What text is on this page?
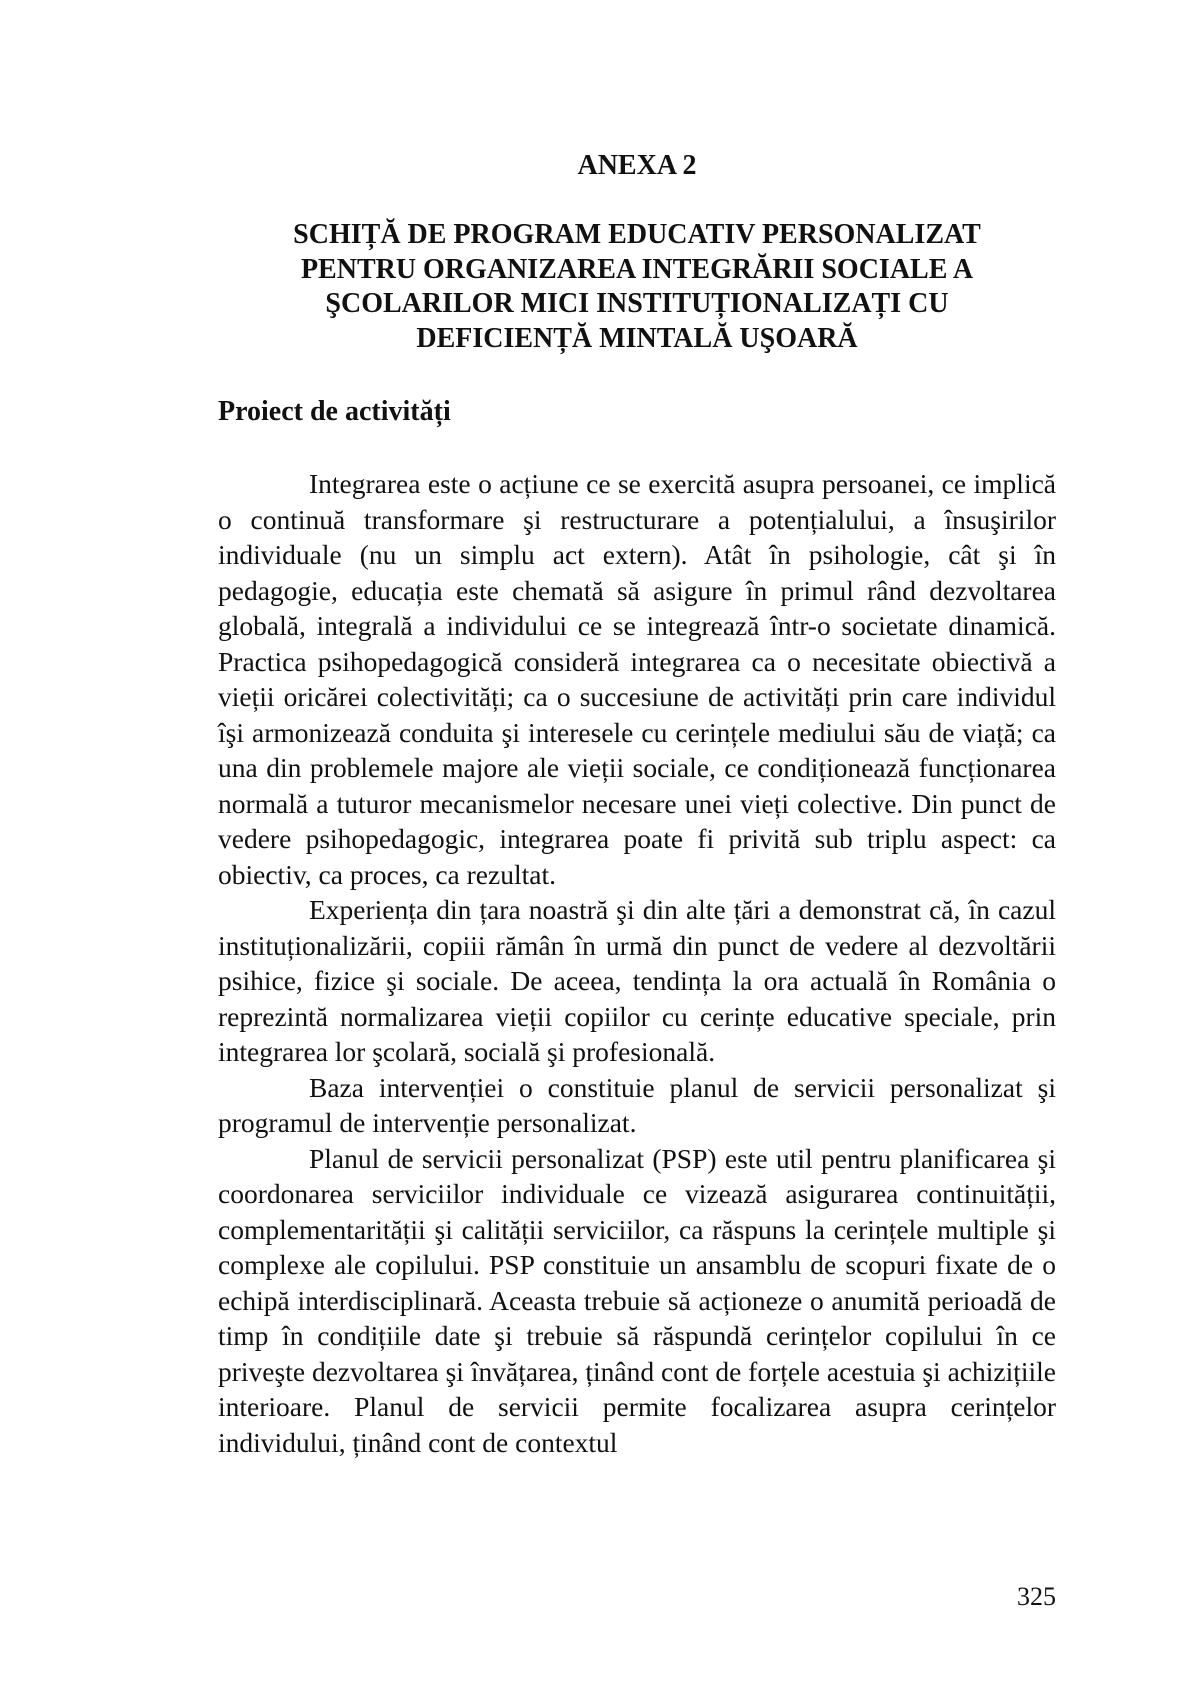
ANEXA 2
SCHIȚĂ DE PROGRAM EDUCATIV PERSONALIZAT
PENTRU ORGANIZAREA INTEGRĂRII SOCIALE A
ŞCOLARILOR MICI INSTITUȚIONALIZAȚI CU
DEFICIENȚĂ MINTALĂ UŞOARĂ
Proiect de activități

Integrarea este o acțiune ce se exercită asupra persoanei, ce implică o continuă transformare şi restructurare a potențialului, a însuşirilor individuale (nu un simplu act extern). Atât în psihologie, cât şi în pedagogie, educația este chemată să asigure în primul rând dezvoltarea globală, integrală a individului ce se integrează într-o societate dinamică. Practica psihopedagogică consideră integrarea ca o necesitate obiectivă a vieții oricărei colectivități; ca o succesiune de activități prin care individul îşi armonizează conduita şi interesele cu cerințele mediului său de viață; ca una din problemele majore ale vieții sociale, ce condiționează funcționarea normală a tuturor mecanismelor necesare unei vieți colective. Din punct de vedere psihopedagogic, integrarea poate fi privită sub triplu aspect: ca obiectiv, ca proces, ca rezultat.

Experiența din țara noastră şi din alte țări a demonstrat că, în cazul instituționalizării, copiii rămân în urmă din punct de vedere al dezvoltării psihice, fizice şi sociale. De aceea, tendința la ora actuală în România o reprezintă normalizarea vieții copiilor cu cerințe educative speciale, prin integrarea lor şcolară, socială şi profesională.

Baza intervenției o constituie planul de servicii personalizat şi programul de intervenție personalizat.

Planul de servicii personalizat (PSP) este util pentru planificarea şi coordonarea serviciilor individuale ce vizează asigurarea continuității, complementarității şi calității serviciilor, ca răspuns la cerințele multiple şi complexe ale copilului. PSP constituie un ansamblu de scopuri fixate de o echipă interdisciplinară. Aceasta trebuie să acționeze o anumită perioadă de timp în condițiile date şi trebuie să răspundă cerințelor copilului în ce priveşte dezvoltarea şi învățarea, ținând cont de forțele acestuia şi achizițiile interioare. Planul de servicii permite focalizarea asupra cerințelor individului, ținând cont de contextul

325
